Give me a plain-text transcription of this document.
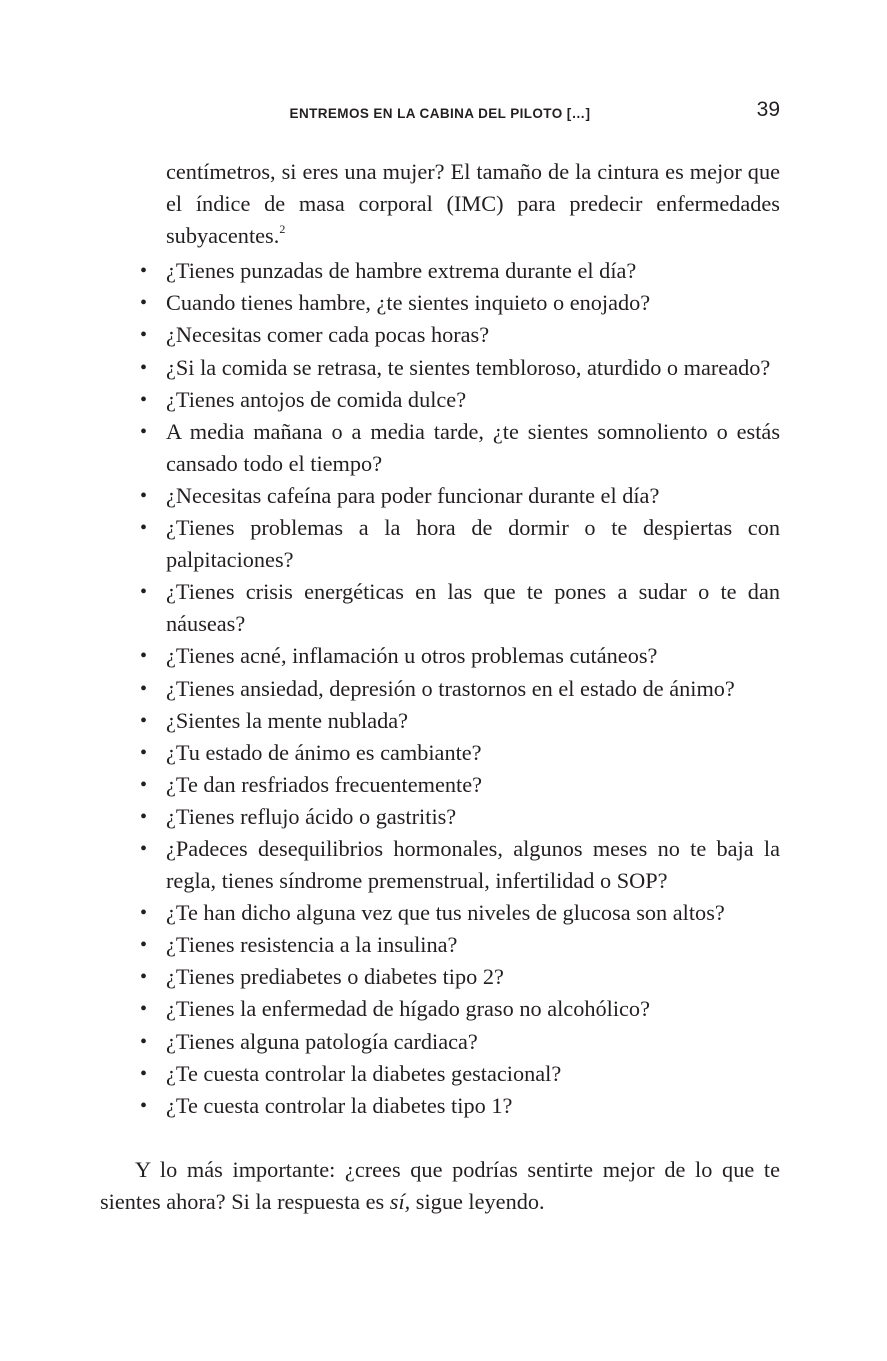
ENTREMOS EN LA CABINA DEL PILOTO […]	39

centímetros, si eres una mujer? El tamaño de la cintura es mejor que el índice de masa corporal (IMC) para predecir enfermedades subyacentes.$^2$

• ¿Tienes punzadas de hambre extrema durante el día?
• Cuando tienes hambre, ¿te sientes inquieto o enojado?
• ¿Necesitas comer cada pocas horas?
• ¿Si la comida se retrasa, te sientes tembloroso, aturdido o mareado?
• ¿Tienes antojos de comida dulce?
• A media mañana o a media tarde, ¿te sientes somnoliento o estás cansado todo el tiempo?
• ¿Necesitas cafeína para poder funcionar durante el día?
• ¿Tienes problemas a la hora de dormir o te despiertas con palpitaciones?
• ¿Tienes crisis energéticas en las que te pones a sudar o te dan náuseas?
• ¿Tienes acné, inflamación u otros problemas cutáneos?
• ¿Tienes ansiedad, depresión o trastornos en el estado de ánimo?
• ¿Sientes la mente nublada?
• ¿Tu estado de ánimo es cambiante?
• ¿Te dan resfriados frecuentemente?
• ¿Tienes reflujo ácido o gastritis?
• ¿Padeces desequilibrios hormonales, algunos meses no te baja la regla, tienes síndrome premenstrual, infertilidad o SOP?
• ¿Te han dicho alguna vez que tus niveles de glucosa son altos?
• ¿Tienes resistencia a la insulina?
• ¿Tienes prediabetes o diabetes tipo 2?
• ¿Tienes la enfermedad de hígado graso no alcohólico?
• ¿Tienes alguna patología cardiaca?
• ¿Te cuesta controlar la diabetes gestacional?
• ¿Te cuesta controlar la diabetes tipo 1?

Y lo más importante: ¿crees que podrías sentirte mejor de lo que te sientes ahora? Si la respuesta es sí, sigue leyendo.
